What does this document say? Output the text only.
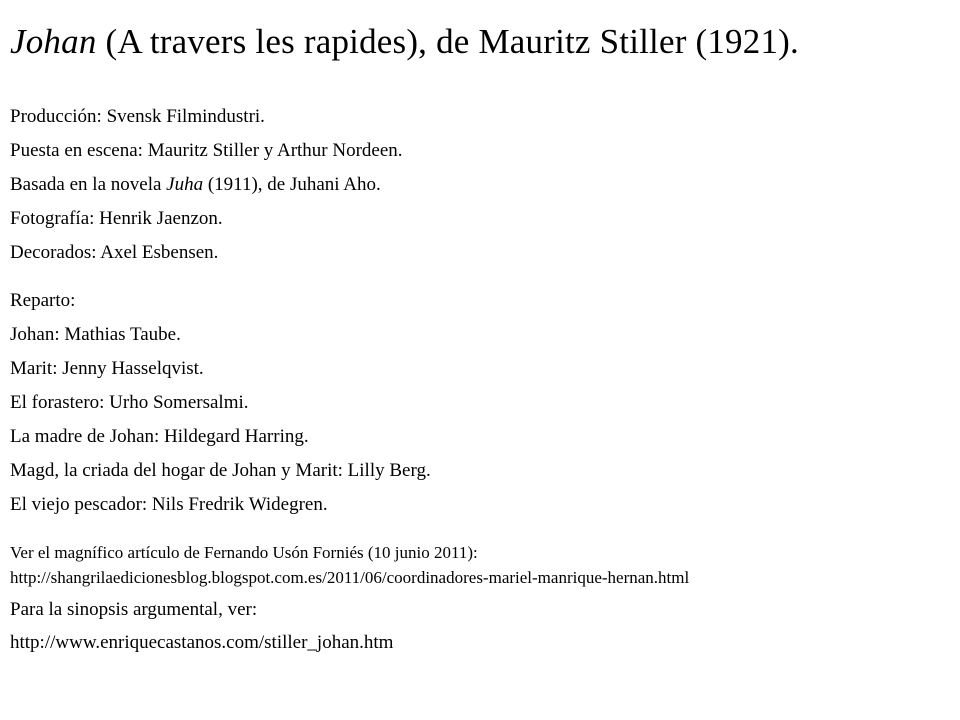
Johan (A travers les rapides), de Mauritz Stiller (1921).
Producción: Svensk Filmindustri.
Puesta en escena: Mauritz Stiller y Arthur Nordeen.
Basada en la novela Juha (1911), de Juhani Aho.
Fotografía: Henrik Jaenzon.
Decorados: Axel Esbensen.
Reparto:
Johan: Mathias Taube.
Marit: Jenny Hasselqvist.
El forastero: Urho Somersalmi.
La madre de Johan: Hildegard Harring.
Magd, la criada del hogar de Johan y Marit: Lilly Berg.
El viejo pescador: Nils Fredrik Widegren.
Ver el magnífico artículo de Fernando Usón Forniés (10 junio 2011):
http://shangrilaedicionesblog.blogspot.com.es/2011/06/coordinadores-mariel-manrique-hernan.html
Para la sinopsis argumental, ver:
http://www.enriquecastanos.com/stiller_johan.htm
